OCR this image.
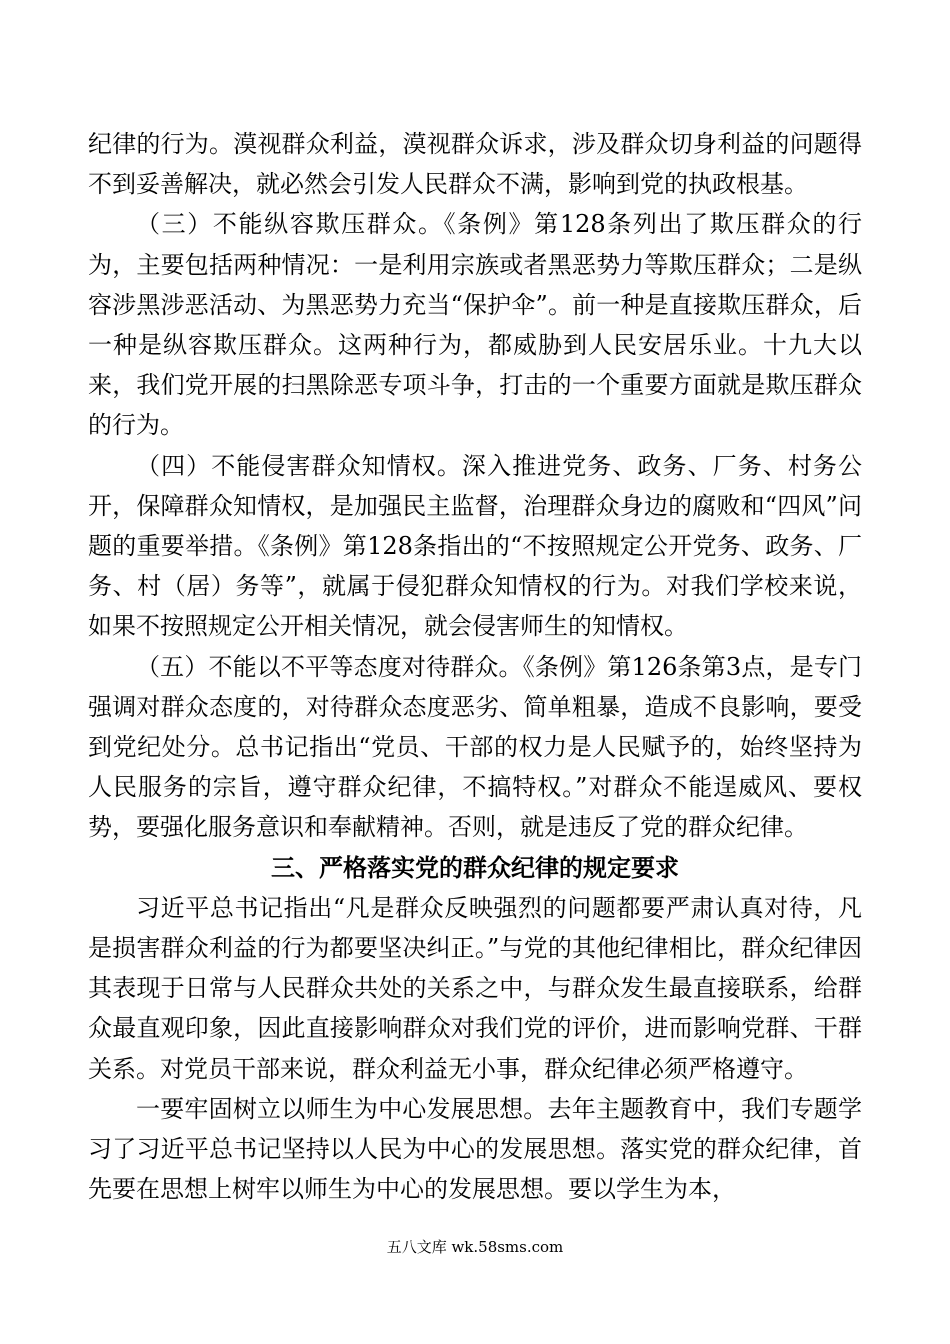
纪律的行为。漠视群众利益，漠视群众诉求，涉及群众切身利益的问题得不到妥善解决，就必然会引发人民群众不满，影响到党的执政根基。

（三）不能纵容欺压群众。《条例》第128条列出了欺压群众的行为，主要包括两种情况：一是利用宗族或者黑恶势力等欺压群众；二是纵容涉黑涉恶活动、为黑恶势力充当“保护伞”。前一种是直接欺压群众，后一种是纵容欺压群众。这两种行为，都威胁到人民安居乐业。十九大以来，我们党开展的扫黑除恶专项斗争，打击的一个重要方面就是欺压群众的行为。

（四）不能侵害群众知情权。深入推进党务、政务、厂务、村务公开，保障群众知情权，是加强民主监督，治理群众身边的腐败和“四风”问题的重要举措。《条例》第128条指出的“不按照规定公开党务、政务、厂务、村（居）务等”，就属于侵犯群众知情权的行为。对我们学校来说，如果不按照规定公开相关情况，就会侵害师生的知情权。

（五）不能以不平等态度对待群众。《条例》第126条第3点，是专门强调对群众态度的，对待群众态度恶劣、简单粗暴，造成不良影响，要受到党纪处分。总书记指出“党员、干部的权力是人民赋予的，始终坚持为人民服务的宗旨，遵守群众纪律，不搞特权。”对群众不能逞威风、要权势，要强化服务意识和奉献精神。否则，就是违反了党的群众纪律。

三、严格落实党的群众纪律的规定要求

习近平总书记指出“凡是群众反映强烈的问题都要严肃认真对待，凡是损害群众利益的行为都要坚决纠正。”与党的其他纪律相比，群众纪律因其表现于日常与人民群众共处的关系之中，与群众发生最直接联系，给群众最直观印象，因此直接影响群众对我们党的评价，进而影响党群、干群关系。对党员干部来说，群众利益无小事，群众纪律必须严格遵守。

一要牢固树立以师生为中心发展思想。去年主题教育中，我们专题学习了习近平总书记坚持以人民为中心的发展思想。落实党的群众纪律，首先要在思想上树牢以师生为中心的发展思想。要以学生为本，

五八文库 wk.58sms.com
